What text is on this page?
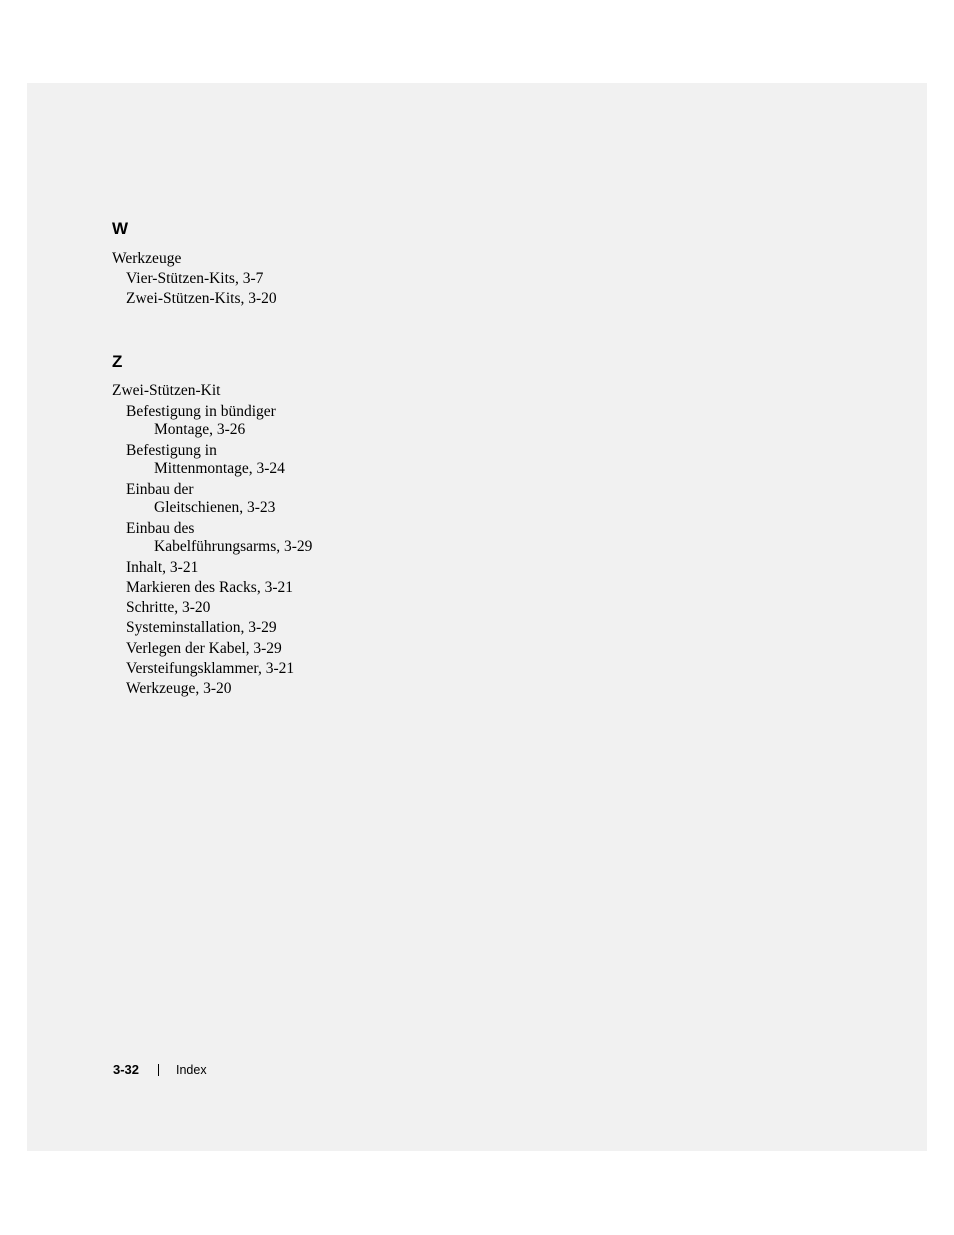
W
Werkzeuge
Vier-Stützen-Kits, 3-7
Zwei-Stützen-Kits, 3-20
Z
Zwei-Stützen-Kit
Befestigung in bündiger
Montage, 3-26
Befestigung in
Mittenmontage, 3-24
Einbau der
Gleitschienen, 3-23
Einbau des
Kabelführungsarms, 3-29
Inhalt, 3-21
Markieren des Racks, 3-21
Schritte, 3-20
Systeminstallation, 3-29
Verlegen der Kabel, 3-29
Versteifungsklammer, 3-21
Werkzeuge, 3-20
3-32	Index
